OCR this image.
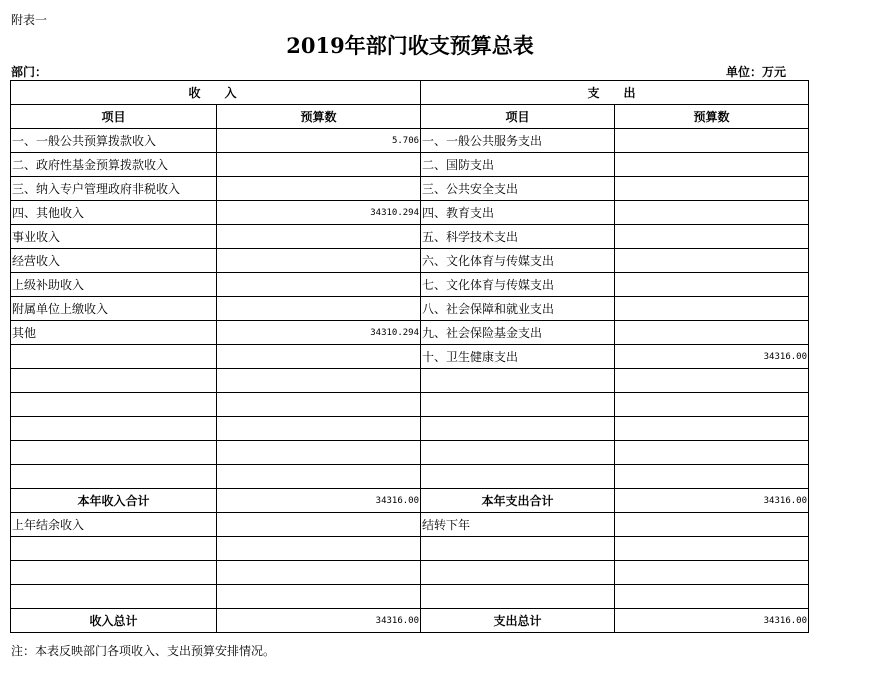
附表一
2019年部门收支预算总表
部门：	单位：万元
收　入		支　出	
项目	预算数	项目	预算数
一、一般公共预算拨款收入	5.706	一、一般公共服务支出	
二、政府性基金预算拨款收入		二、国防支出	
三、纳入专户管理政府非税收入		三、公共安全支出	
四、其他收入	34310.294	四、教育支出	
事业收入		五、科学技术支出	
经营收入		六、文化体育与传媒支出	
上级补助收入		七、文化体育与传媒支出	
附属单位上缴收入		八、社会保障和就业支出	
其他	34310.294	九、社会保险基金支出	
		十、卫生健康支出	34316.00

本年收入合计	34316.00	本年支出合计	34316.00
上年结余收入		结转下年	

收入总计	34316.00	支出总计	34316.00
注：本表反映部门各项收入、支出预算安排情况。
